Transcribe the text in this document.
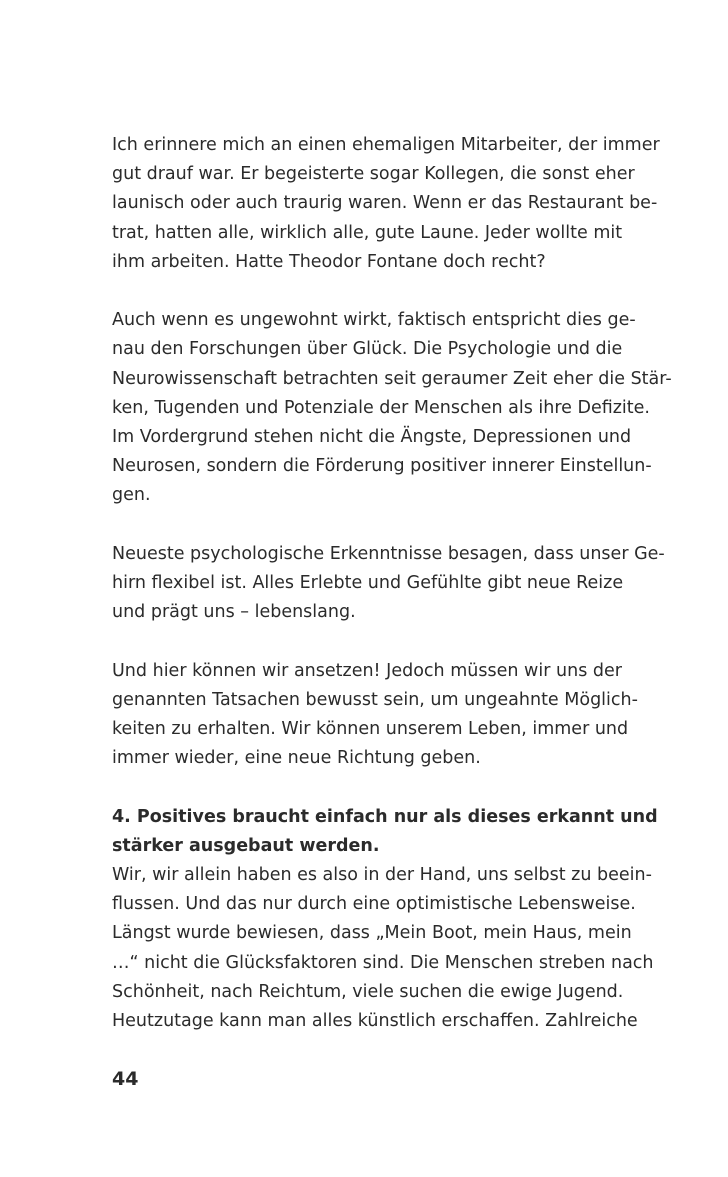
Ich erinnere mich an einen ehemaligen Mitarbeiter, der immer
gut drauf war. Er begeisterte sogar Kollegen, die sonst eher
launisch oder auch traurig waren. Wenn er das Restaurant be-
trat, hatten alle, wirklich alle, gute Laune. Jeder wollte mit
ihm arbeiten. Hatte Theodor Fontane doch recht?
Auch wenn es ungewohnt wirkt, faktisch entspricht dies ge-
nau den Forschungen über Glück. Die Psychologie und die
Neurowissenschaft betrachten seit geraumer Zeit eher die Stär-
ken, Tugenden und Potenziale der Menschen als ihre Defizite.
Im Vordergrund stehen nicht die Ängste, Depressionen und
Neurosen, sondern die Förderung positiver innerer Einstellun-
gen.
Neueste psychologische Erkenntnisse besagen, dass unser Ge-
hirn flexibel ist. Alles Erlebte und Gefühlte gibt neue Reize
und prägt uns – lebenslang.
Und hier können wir ansetzen! Jedoch müssen wir uns der
genannten Tatsachen bewusst sein, um ungeahnte Möglich-
keiten zu erhalten. Wir können unserem Leben, immer und
immer wieder, eine neue Richtung geben.
4. Positives braucht einfach nur als dieses erkannt und
stärker ausgebaut werden.
Wir, wir allein haben es also in der Hand, uns selbst zu beein-
flussen. Und das nur durch eine optimistische Lebensweise.
Längst wurde bewiesen, dass „Mein Boot, mein Haus, mein
…“ nicht die Glücksfaktoren sind. Die Menschen streben nach
Schönheit, nach Reichtum, viele suchen die ewige Jugend.
Heutzutage kann man alles künstlich erschaffen. Zahlreiche
44
